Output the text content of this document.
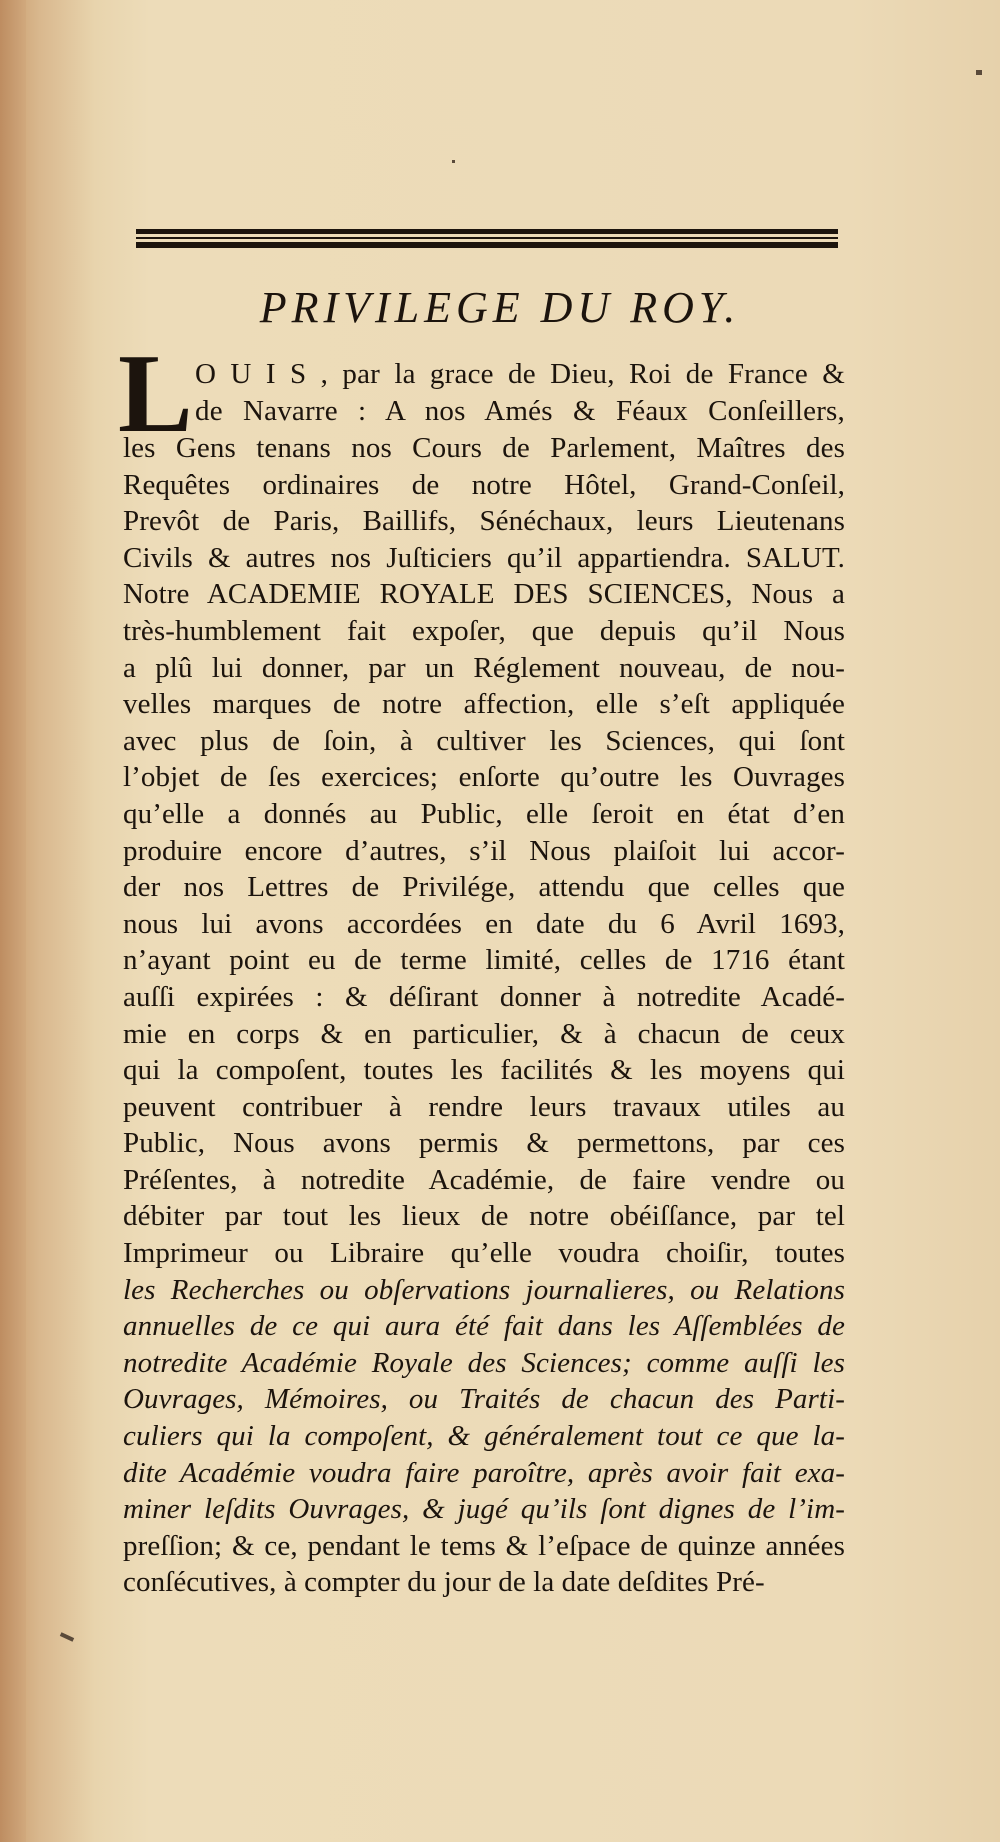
PRIVILEGE DU ROY.
L O U I S , par la grace de Dieu, Roi de France &
de Navarre : A nos Amés & Féaux Conſeillers,
les Gens tenans nos Cours de Parlement, Maîtres des
Requêtes ordinaires de notre Hôtel, Grand-Conſeil,
Prevôt de Paris, Baillifs, Sénéchaux, leurs Lieutenans
Civils & autres nos Juſticiers qu’il appartiendra. SALUT.
Notre ACADEMIE ROYALE DES SCIENCES, Nous a
très-humblement fait expoſer, que depuis qu’il Nous
a plû lui donner, par un Réglement nouveau, de nou-
velles marques de notre affection, elle s’eſt appliquée
avec plus de ſoin, à cultiver les Sciences, qui ſont
l’objet de ſes exercices; enſorte qu’outre les Ouvrages
qu’elle a donnés au Public, elle ſeroit en état d’en
produire encore d’autres, s’il Nous plaiſoit lui accor-
der nos Lettres de Privilége, attendu que celles que
nous lui avons accordées en date du 6 Avril 1693,
n’ayant point eu de terme limité, celles de 1716 étant
auſſi expirées : & déſirant donner à notredite Acadé-
mie en corps & en particulier, & à chacun de ceux
qui la compoſent, toutes les facilités & les moyens qui
peuvent contribuer à rendre leurs travaux utiles au
Public, Nous avons permis & permettons, par ces
Préſentes, à notredite Académie, de faire vendre ou
débiter par tout les lieux de notre obéiſſance, par tel
Imprimeur ou Libraire qu’elle voudra choiſir, toutes
les Recherches ou obſervations journalieres, ou Relations
annuelles de ce qui aura été fait dans les Aſſemblées de
notredite Académie Royale des Sciences; comme auſſi les
Ouvrages, Mémoires, ou Traités de chacun des Parti-
culiers qui la compoſent, & généralement tout ce que la-
dite Académie voudra faire paroître, après avoir fait exa-
miner leſdits Ouvrages, & jugé qu’ils ſont dignes de l’im-
preſſion; & ce, pendant le tems & l’eſpace de quinze années
conſécutives, à compter du jour de la date deſdites Pré-
